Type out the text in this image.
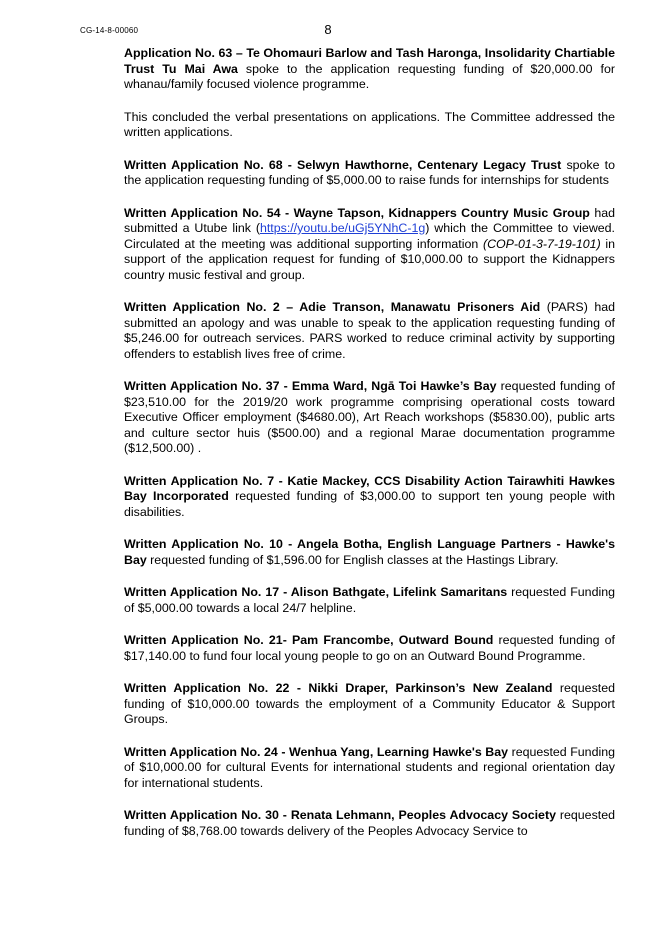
CG-14-8-00060	8

Application No. 63 – Te Ohomauri Barlow and Tash Haronga, Insolidarity Chartiable Trust Tu Mai Awa spoke to the application requesting funding of $20,000.00 for whanau/family focused violence programme.

This concluded the verbal presentations on applications. The Committee addressed the written applications.

Written Application No. 68 - Selwyn Hawthorne, Centenary Legacy Trust spoke to the application requesting funding of $5,000.00 to raise funds for internships for students

Written Application No. 54 - Wayne Tapson, Kidnappers Country Music Group had submitted a Utube link (https://youtu.be/uGj5YNhC-1g) which the Committee to viewed. Circulated at the meeting was additional supporting information (COP-01-3-7-19-101) in support of the application request for funding of $10,000.00 to support the Kidnappers country music festival and group.

Written Application No. 2 – Adie Transon, Manawatu Prisoners Aid (PARS) had submitted an apology and was unable to speak to the application requesting funding of $5,246.00 for outreach services. PARS worked to reduce criminal activity by supporting offenders to establish lives free of crime.

Written Application No. 37 - Emma Ward, Ngā Toi Hawke’s Bay requested funding of $23,510.00 for the 2019/20 work programme comprising operational costs toward Executive Officer employment ($4680.00), Art Reach workshops ($5830.00), public arts and culture sector huis ($500.00) and a regional Marae documentation programme ($12,500.00) .

Written Application No. 7 - Katie Mackey, CCS Disability Action Tairawhiti Hawkes Bay Incorporated requested funding of $3,000.00 to support ten young people with disabilities.

Written Application No. 10 - Angela Botha, English Language Partners - Hawke's Bay requested funding of $1,596.00 for English classes at the Hastings Library.

Written Application No. 17 - Alison Bathgate, Lifelink Samaritans requested Funding of $5,000.00 towards a local 24/7 helpline.

Written Application No. 21- Pam Francombe, Outward Bound requested funding of $17,140.00 to fund four local young people to go on an Outward Bound Programme.

Written Application No. 22 - Nikki Draper, Parkinson’s New Zealand requested funding of $10,000.00 towards the employment of a Community Educator & Support Groups.

Written Application No. 24 - Wenhua Yang, Learning Hawke's Bay requested Funding of $10,000.00 for cultural Events for international students and regional orientation day for international students.

Written Application No. 30 - Renata Lehmann, Peoples Advocacy Society requested funding of $8,768.00 towards delivery of the Peoples Advocacy Service to
